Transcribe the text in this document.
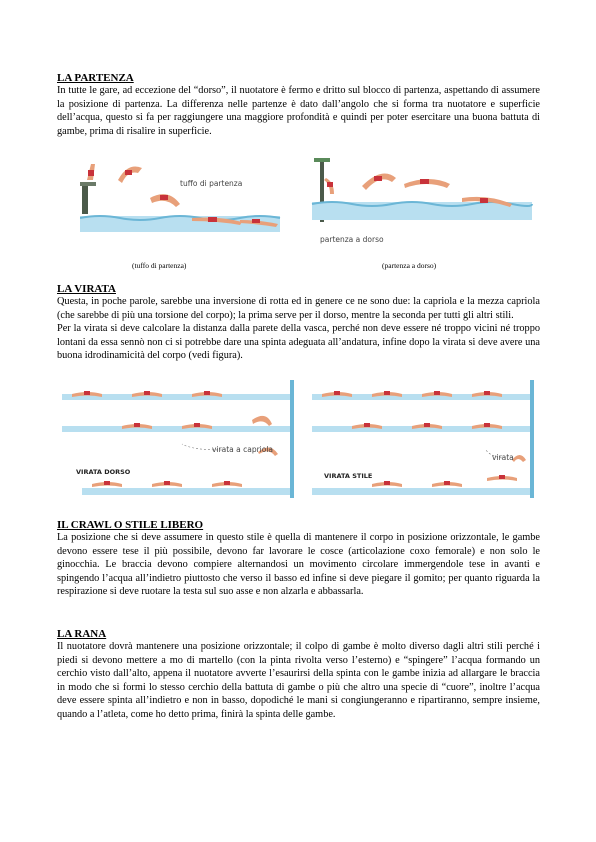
LA PARTENZA

In tutte le gare, ad eccezione del “dorso”, il nuotatore è fermo e dritto sul blocco di partenza, aspettando di assumere la posizione di partenza. La differenza nelle partenze è dato dall’angolo che si forma tra nuotatore e superficie dell’acqua, questo si fa per raggiungere una maggiore profondità e quindi per poter esercitare una buona battuta di gambe, prima di risalire in superficie.

tuffo di partenza
partenza a dorso
(tuffo di partenza)	(partenza a dorso)
LA VIRATA

Questa, in poche parole, sarebbe una inversione di rotta ed in genere ce ne sono due: la capriola e la mezza capriola (che sarebbe di più una torsione del corpo); la prima serve per il dorso, mentre la seconda per tutti gli altri stili.

Per la virata si deve calcolare la distanza dalla parete della vasca, perché non deve essere né troppo vicini né troppo lontani da essa sennò non ci si potrebbe dare una spinta adeguata all’andatura, infine dopo la virata si deve avere una buona idrodinamicità del corpo (vedi figura).

virata a capriola
VIRATA DORSO
virata
VIRATA STILE
IL CRAWL O STILE LIBERO

La posizione che si deve assumere in questo stile è quella di mantenere il corpo in posizione orizzontale, le gambe devono essere tese il più possibile, devono far lavorare le cosce (articolazione coxo femorale) e non solo le ginocchia. Le braccia devono compiere alternandosi un movimento circolare immergendole tese in avanti e spingendo l’acqua all’indietro piuttosto che verso il basso ed infine si deve piegare il gomito; per quanto riguarda la respirazione si deve ruotare la testa sul suo asse e non alzarla e abbassarla.

LA RANA

Il nuotatore dovrà mantenere una posizione orizzontale; il colpo di gambe è molto diverso dagli altri stili perché i piedi si devono mettere a mo di martello (con la pinta rivolta verso l’esterno) e “spingere” l’acqua formando un cerchio visto dall’alto, appena il nuotatore avverte l’esaurirsi della spinta con le gambe inizia ad allargare le braccia in modo che si formi lo stesso cerchio della battuta di gambe o più che altro una specie di “cuore”, inoltre l’acqua deve essere spinta all’indietro e non in basso, dopodiché le mani si congiungeranno e ripartiranno, sempre insieme, quando a l’atleta, come ho detto prima, finirà la spinta delle gambe.
